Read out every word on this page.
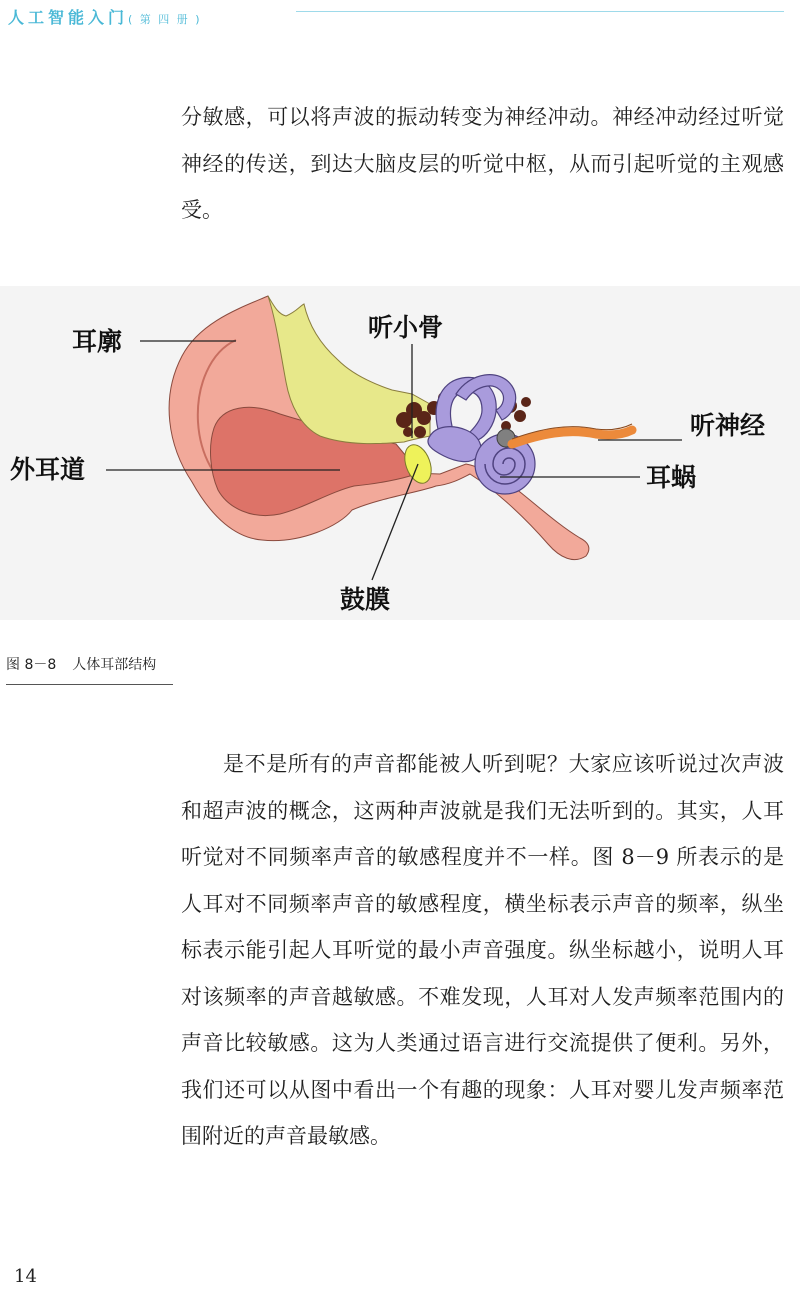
人工智能入门( 第 四 册 )

分敏感，可以将声波的振动转变为神经冲动。神经冲动经过听觉神经的传送，到达大脑皮层的听觉中枢，从而引起听觉的主观感受。

耳廓	听小骨
听神经
外耳道	耳蜗
鼓膜
图 8－8 人体耳部结构

是不是所有的声音都能被人听到呢？大家应该听说过次声波和超声波的概念，这两种声波就是我们无法听到的。其实，人耳听觉对不同频率声音的敏感程度并不一样。图 8－9 所表示的是人耳对不同频率声音的敏感程度，横坐标表示声音的频率，纵坐标表示能引起人耳听觉的最小声音强度。纵坐标越小，说明人耳对该频率的声音越敏感。不难发现，人耳对人发声频率范围内的声音比较敏感。这为人类通过语言进行交流提供了便利。另外，我们还可以从图中看出一个有趣的现象：人耳对婴儿发声频率范围附近的声音最敏感。

14
